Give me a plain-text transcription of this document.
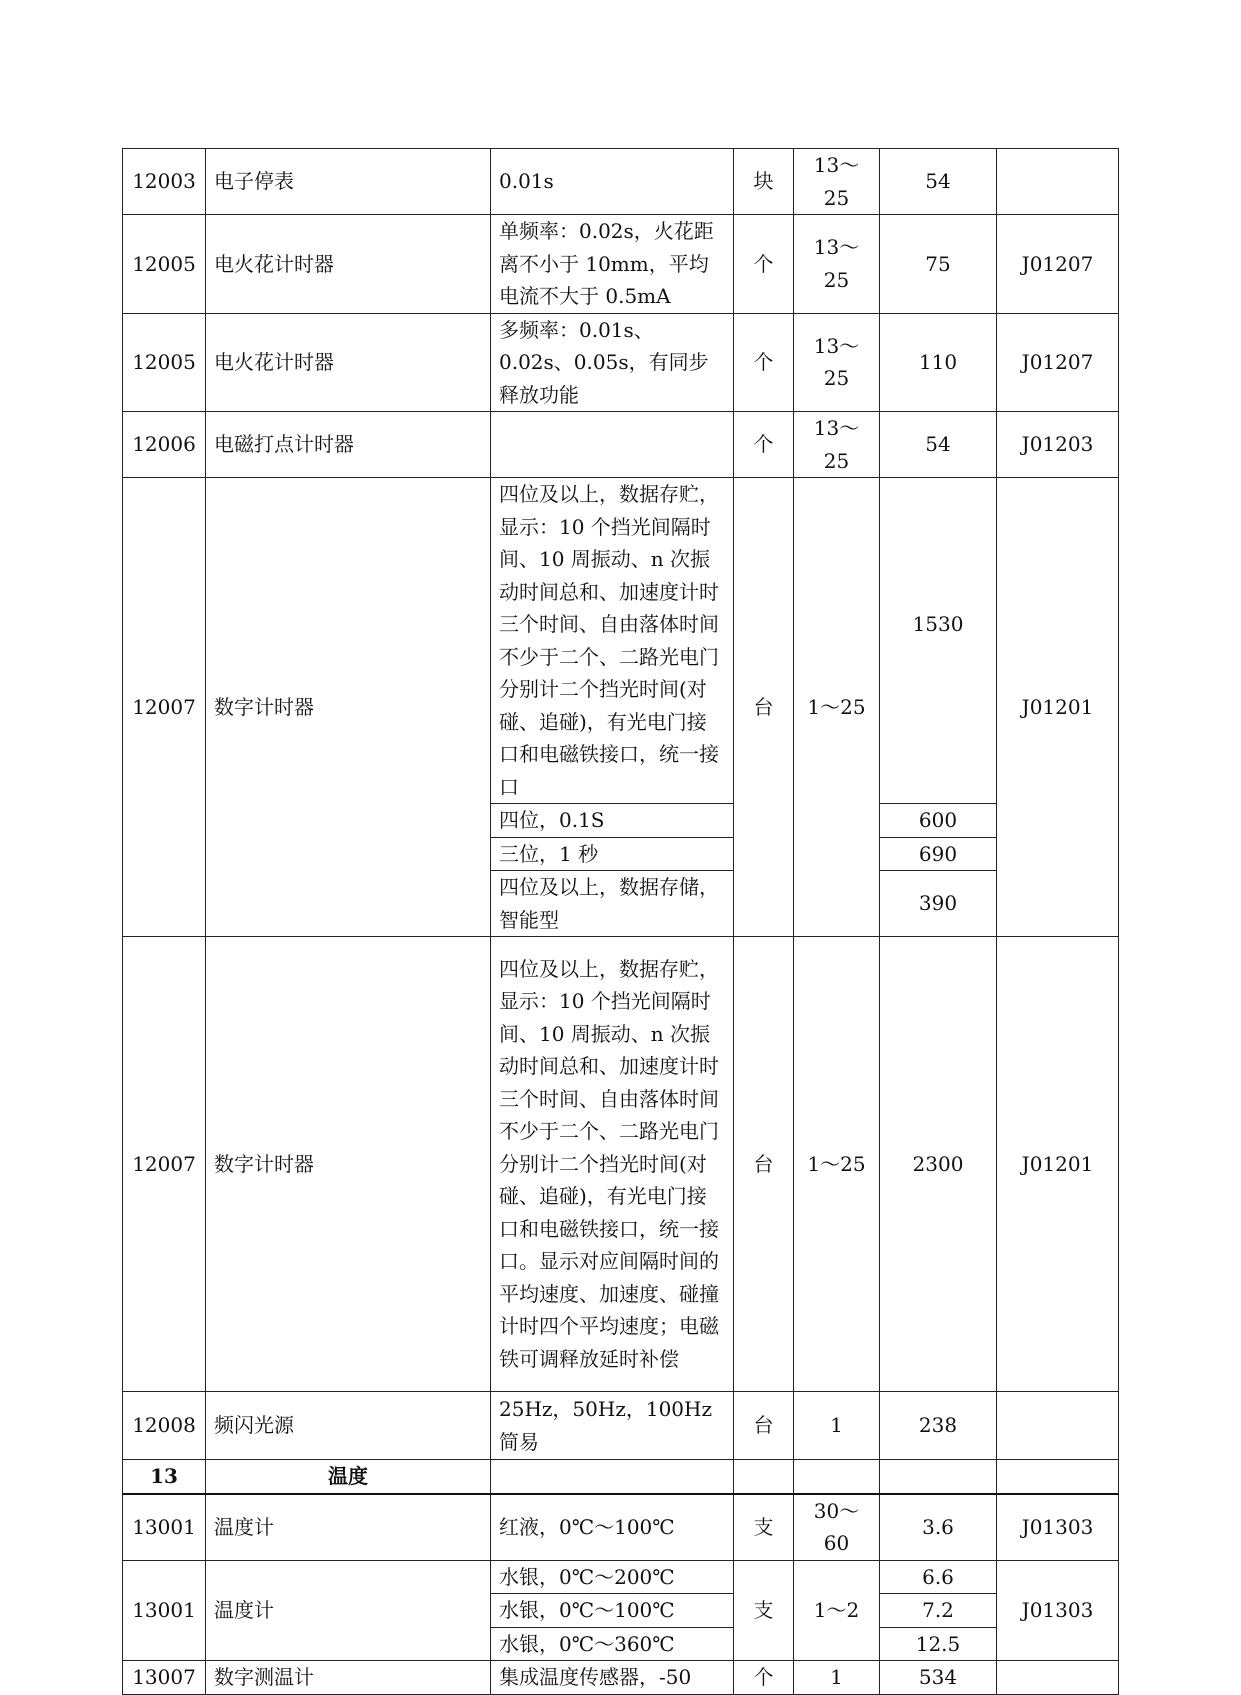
12003	电子停表	0.01s	块	13～25	54	
12005	电火花计时器	单频率：0.02s，火花距离不小于 10mm，平均电流不大于 0.5mA	个	13～25	75	J01207
12005	电火花计时器	多频率：0.01s、0.02s、0.05s，有同步释放功能	个	13～25	110	J01207
12006	电磁打点计时器		个	13～25	54	J01203
12007	数字计时器	四位及以上，数据存贮，显示：10 个挡光间隔时间、10 周振动、n 次振动时间总和、加速度计时三个时间、自由落体时间不少于二个、二路光电门分别计二个挡光时间(对碰、追碰)，有光电门接口和电磁铁接口，统一接口	台	1～25	1530	J01201
		四位，0.1S			600	
		三位，1 秒			690	
		四位及以上，数据存储，智能型			390	
12007	数字计时器	四位及以上，数据存贮，显示：10 个挡光间隔时间、10 周振动、n 次振动时间总和、加速度计时三个时间、自由落体时间不少于二个、二路光电门分别计二个挡光时间(对碰、追碰)，有光电门接口和电磁铁接口，统一接口。显示对应间隔时间的平均速度、加速度、碰撞计时四个平均速度；电磁铁可调释放延时补偿	台	1～25	2300	J01201
12008	频闪光源	25Hz，50Hz，100Hz 简易	台	1	238	
13	温度					
13001	温度计	红液，0℃～100℃	支	30～60	3.6	J01303
13001	温度计	水银，0℃～200℃	支	1～2	6.6	J01303
		水银，0℃～100℃			7.2	
		水银，0℃～360℃			12.5	
13007	数字测温计	集成温度传感器，-50	个	1	534	
